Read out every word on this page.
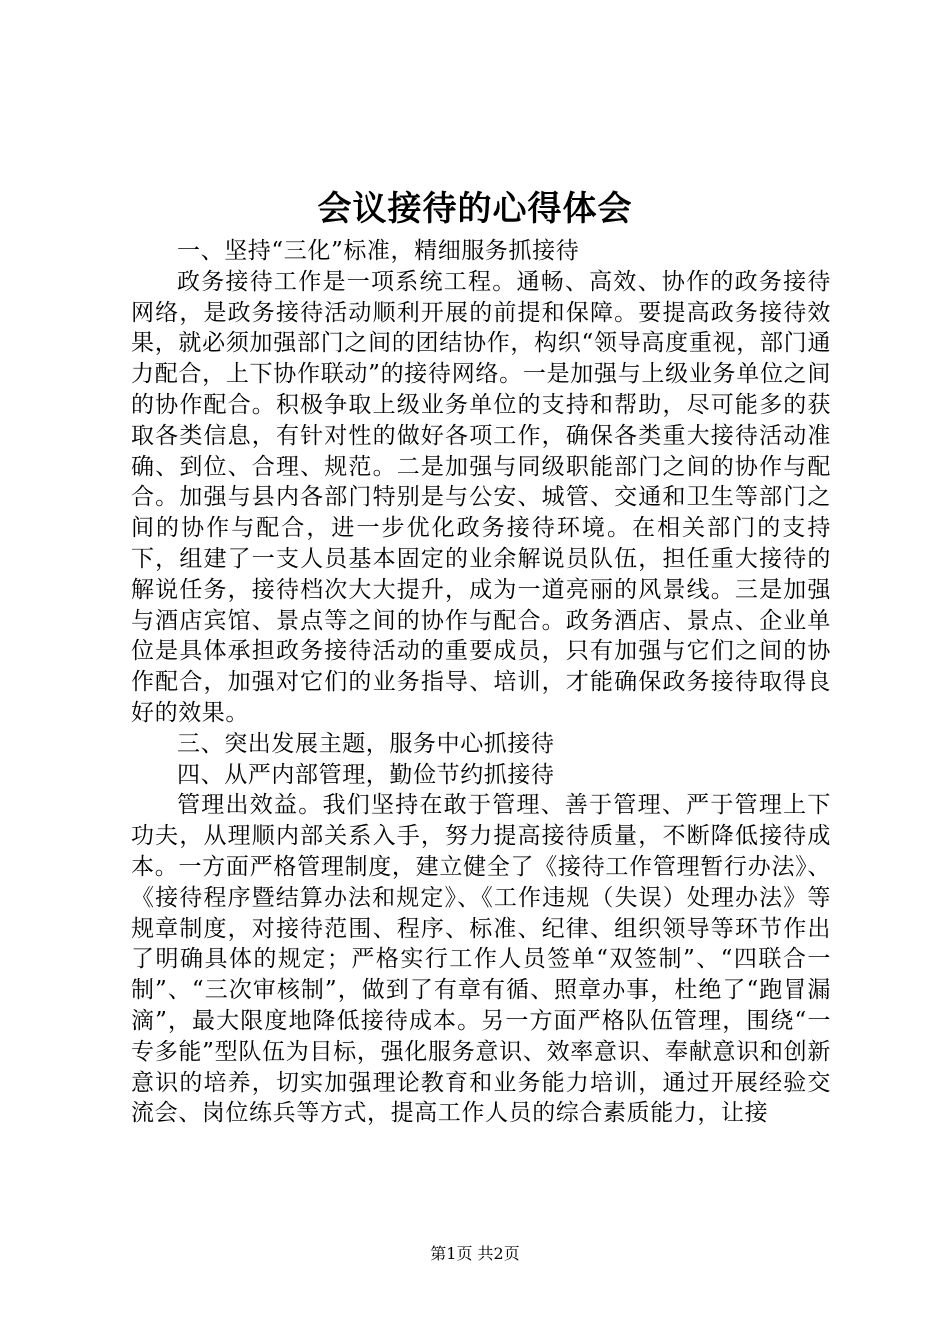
会议接待的心得体会

一、坚持“三化”标准，精细服务抓接待

政务接待工作是一项系统工程。通畅、高效、协作的政务接待网络，是政务接待活动顺利开展的前提和保障。要提高政务接待效果，就必须加强部门之间的团结协作，构织“领导高度重视，部门通力配合，上下协作联动”的接待网络。一是加强与上级业务单位之间的协作配合。积极争取上级业务单位的支持和帮助，尽可能多的获取各类信息，有针对性的做好各项工作，确保各类重大接待活动准确、到位、合理、规范。二是加强与同级职能部门之间的协作与配合。加强与县内各部门特别是与公安、城管、交通和卫生等部门之间的协作与配合，进一步优化政务接待环境。在相关部门的支持下，组建了一支人员基本固定的业余解说员队伍，担任重大接待的解说任务，接待档次大大提升，成为一道亮丽的风景线。三是加强与酒店宾馆、景点等之间的协作与配合。政务酒店、景点、企业单位是具体承担政务接待活动的重要成员，只有加强与它们之间的协作配合，加强对它们的业务指导、培训，才能确保政务接待取得良好的效果。

三、突出发展主题，服务中心抓接待

四、从严内部管理，勤俭节约抓接待

管理出效益。我们坚持在敢于管理、善于管理、严于管理上下功夫，从理顺内部关系入手，努力提高接待质量，不断降低接待成本。一方面严格管理制度，建立健全了《接待工作管理暂行办法》、《接待程序暨结算办法和规定》、《工作违规（失误）处理办法》等规章制度，对接待范围、程序、标准、纪律、组织领导等环节作出了明确具体的规定；严格实行工作人员签单“双签制”、“四联合一制”、“三次审核制”，做到了有章有循、照章办事，杜绝了“跑冒漏滴”，最大限度地降低接待成本。另一方面严格队伍管理，围绕“一专多能”型队伍为目标，强化服务意识、效率意识、奉献意识和创新意识的培养，切实加强理论教育和业务能力培训，通过开展经验交流会、岗位练兵等方式，提高工作人员的综合素质能力，让接

第1页 共2页
